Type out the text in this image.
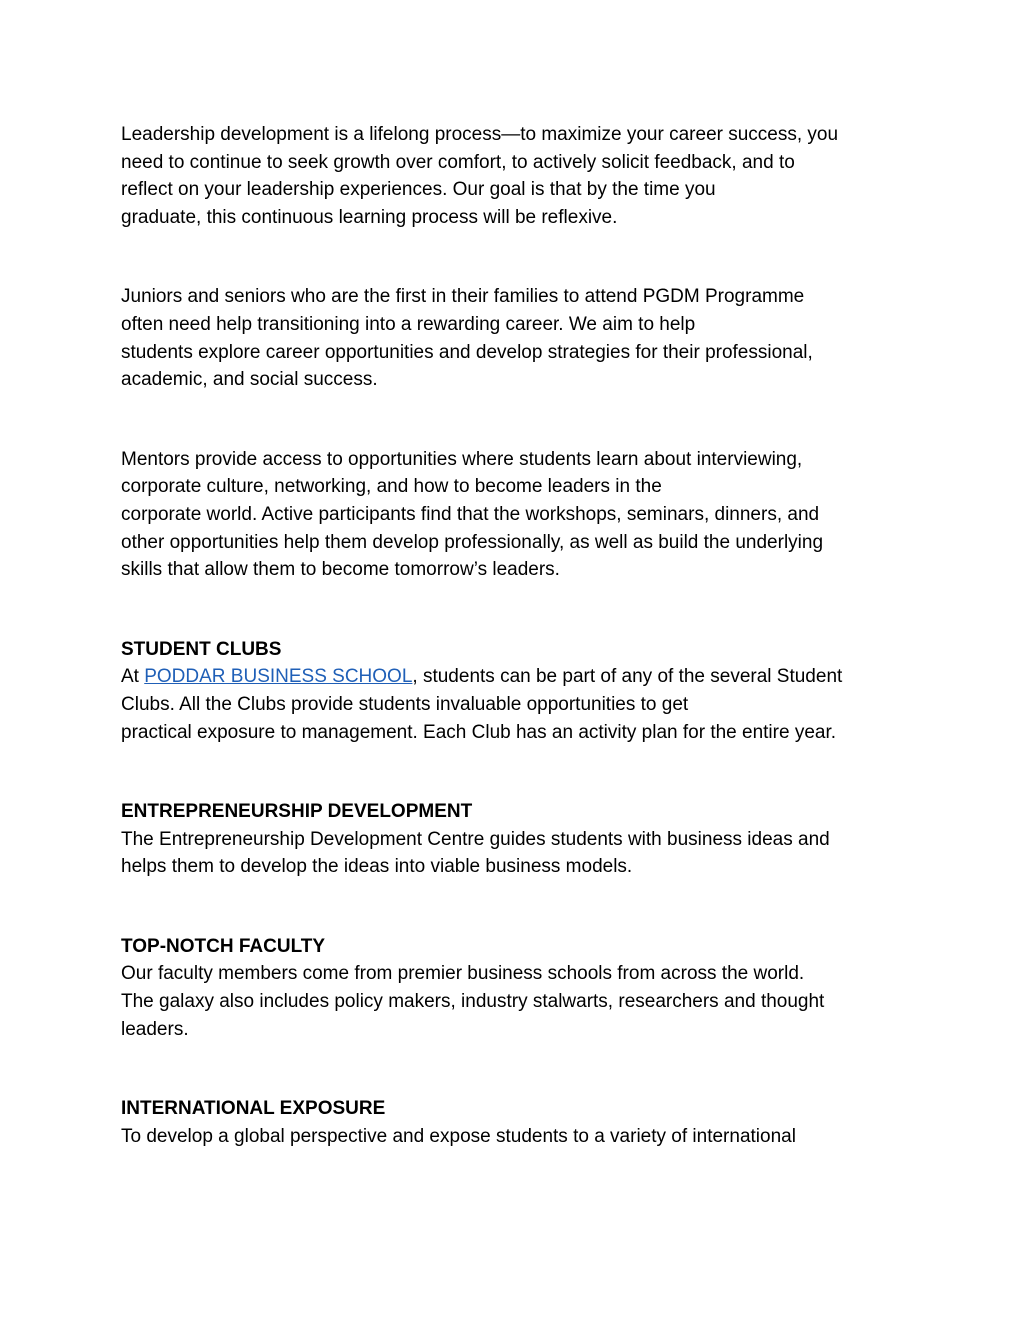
Leadership development is a lifelong process—to maximize your career success, you
need to continue to seek growth over comfort, to actively solicit feedback, and to
reflect on your leadership experiences. Our goal is that by the time you
graduate, this continuous learning process will be reflexive.

Juniors and seniors who are the first in their families to attend PGDM Programme
often need help transitioning into a rewarding career. We aim to help
students explore career opportunities and develop strategies for their professional,
academic, and social success.

Mentors provide access to opportunities where students learn about interviewing,
corporate culture, networking, and how to become leaders in the
corporate world. Active participants find that the workshops, seminars, dinners, and
other opportunities help them develop professionally, as well as build the underlying
skills that allow them to become tomorrow’s leaders.

STUDENT CLUBS

At PODDAR BUSINESS SCHOOL, students can be part of any of the several Student
Clubs. All the Clubs provide students invaluable opportunities to get
practical exposure to management. Each Club has an activity plan for the entire year.

ENTREPRENEURSHIP DEVELOPMENT

The Entrepreneurship Development Centre guides students with business ideas and
helps them to develop the ideas into viable business models.

TOP-NOTCH FACULTY

Our faculty members come from premier business schools from across the world.
The galaxy also includes policy makers, industry stalwarts, researchers and thought
leaders.

INTERNATIONAL EXPOSURE

To develop a global perspective and expose students to a variety of international
